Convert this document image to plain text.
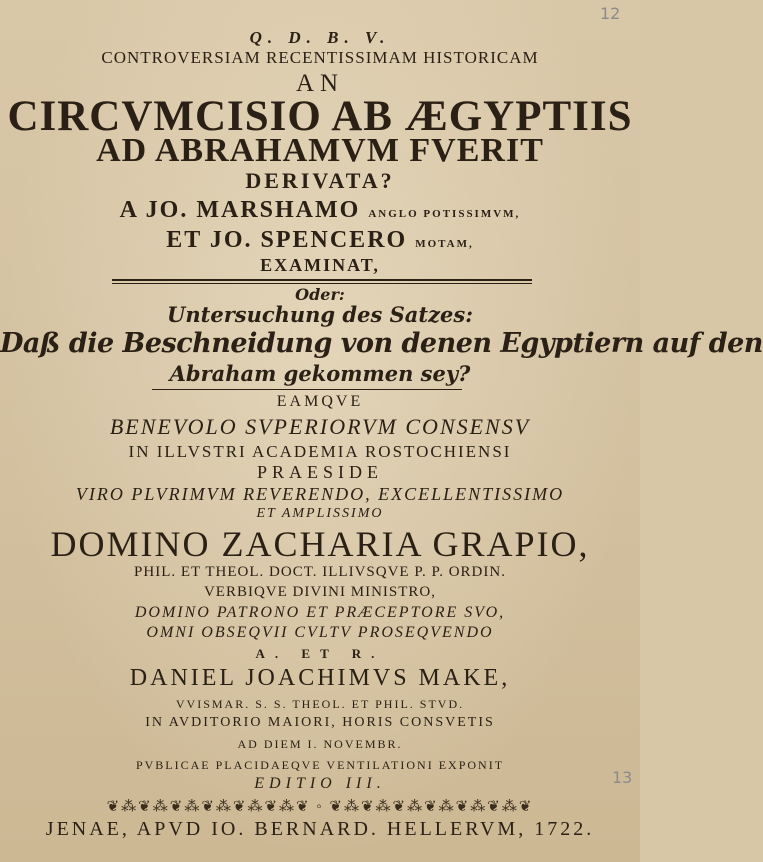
12
Q. D. B. V.
CONTROVERSIAM RECENTISSIMAM HISTORICAM
AN
CIRCVMCISIO AB ÆGYPTIIS
AD ABRAHAMVM FVERIT
DERIVATA?
A JO. MARSHAMO ANGLO POTISSIMVM,
ET JO. SPENCERO MOTAM,
EXAMINAT,
Oder:
Untersuchung des Satzes:
Daß die Beschneidung von denen Egyptiern auf den
Abraham gekommen sey?
EAMQVE
BENEVOLO SVPERIORVM CONSENSV
IN ILLVSTRI ACADEMIA ROSTOCHIENSI
PRAESIDE
VIRO PLVRIMVM REVERENDO, EXCELLENTISSIMO
ET AMPLISSIMO
DOMINO ZACHARIA GRAPIO,
PHIL. ET THEOL. DOCT. ILLIVSQVE P. P. ORDIN.
VERBIQVE DIVINI MINISTRO,
DOMINO PATRONO ET PRÆCEPTORE SVO,
OMNI OBSEQVII CVLTV PROSEQVENDO
A. ET R.
DANIEL JOACHIMVS MAKE,
VVISMAR. S. S. THEOL. ET PHIL. STVD.
IN AVDITORIO MAIORI, HORIS CONSVETIS
AD DIEM I. NOVEMBR.
PVBLICAE PLACIDAEQVE VENTILATIONI EXPONIT
13
EDITIO III.
❦⁂❦⁂❦⁂❦⁂❦⁂❦⁂❦ ◦ ❦⁂❦⁂❦⁂❦⁂❦⁂❦⁂❦
JENAE, APVD IO. BERNARD. HELLERVM, 1722.
